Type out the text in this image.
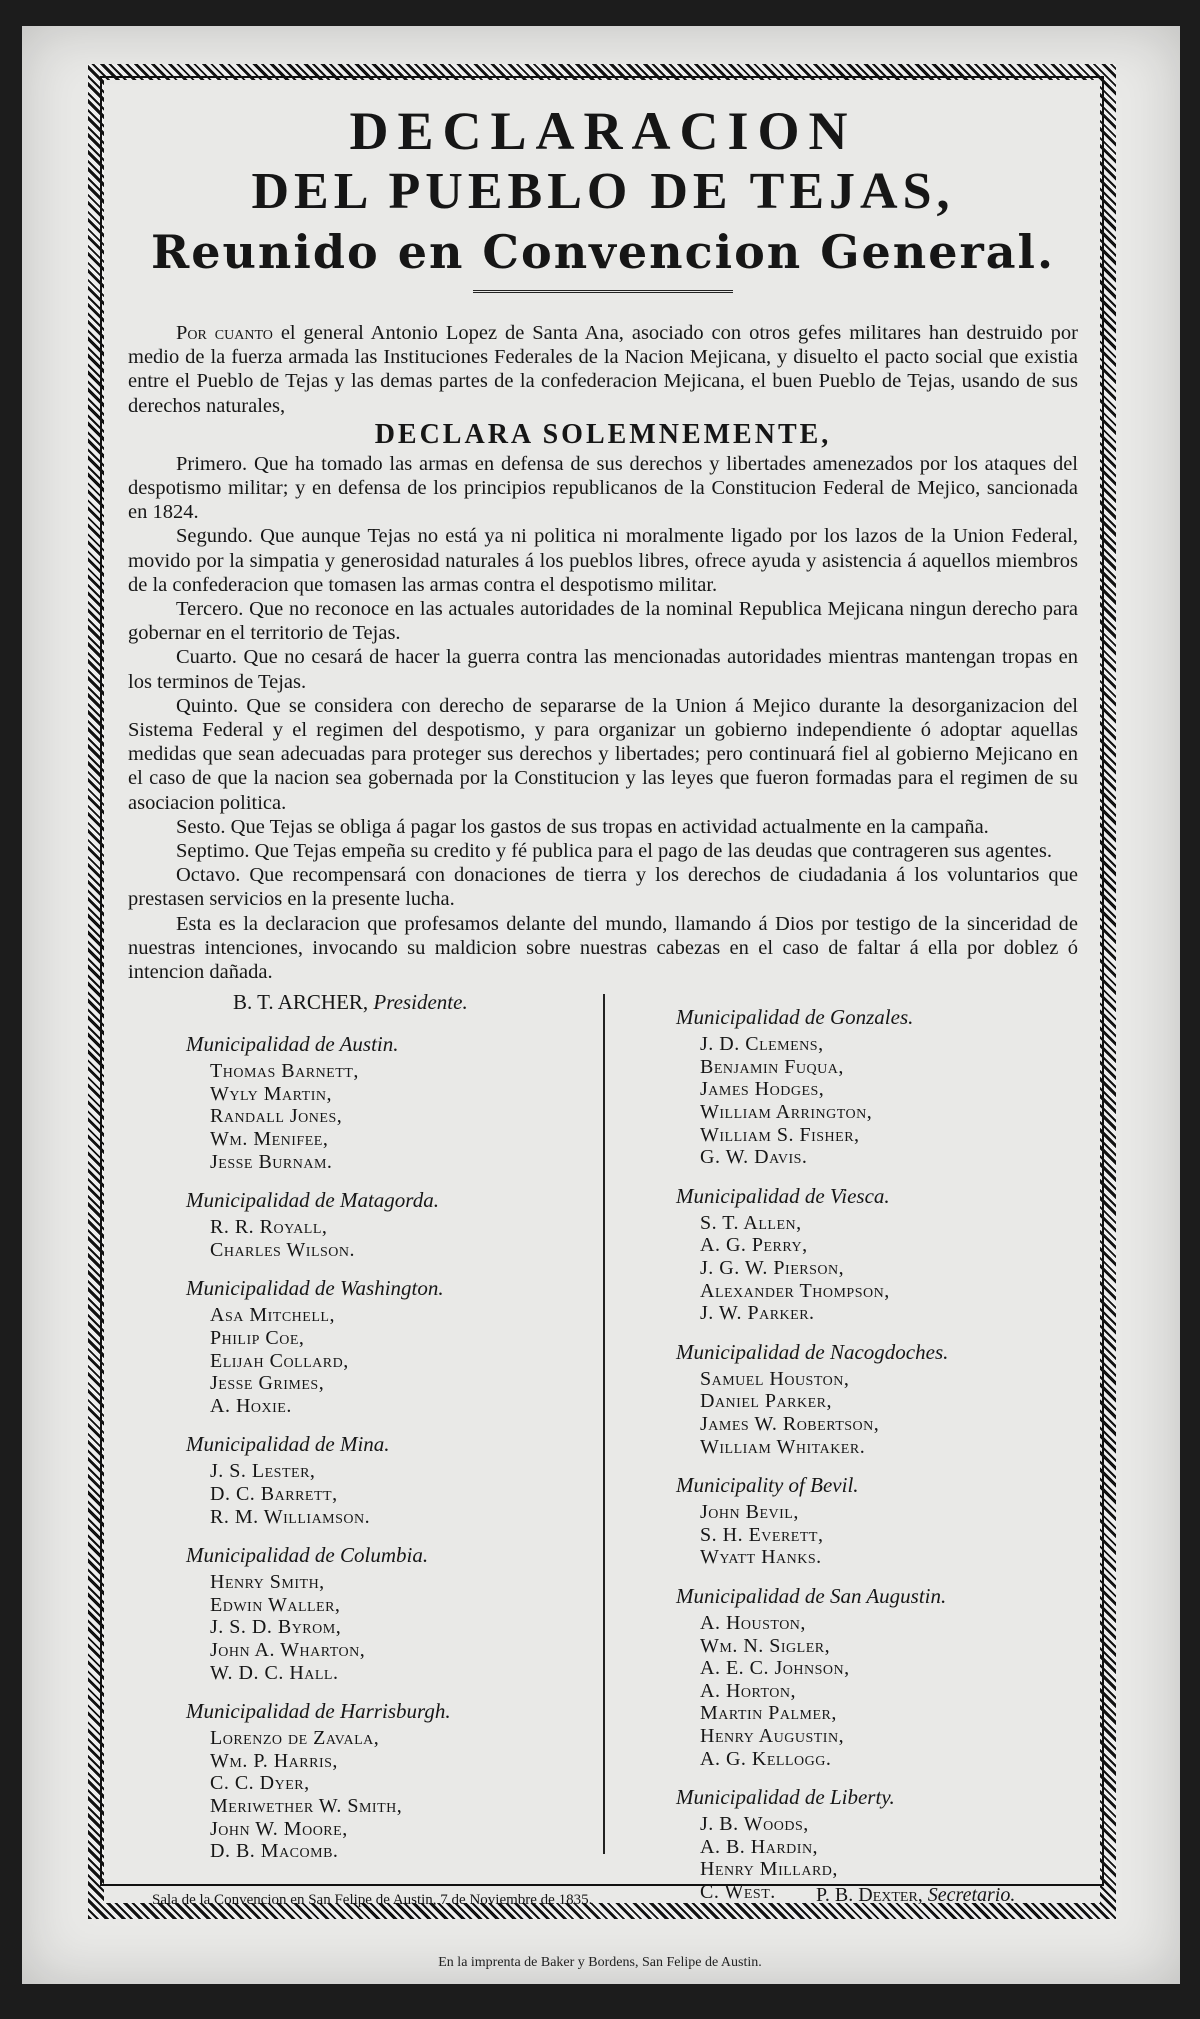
DECLARACION
DEL PUEBLO DE TEJAS,
Reunido en Convencion General.

Por cuanto el general Antonio Lopez de Santa Ana, asociado con otros gefes militares han destruido por medio de la fuerza armada las Instituciones Federales de la Nacion Mejicana, y disuelto el pacto social que existia entre el Pueblo de Tejas y las demas partes de la confederacion Mejicana, el buen Pueblo de Tejas, usando de sus derechos naturales,

DECLARA SOLEMNEMENTE,

Primero. Que ha tomado las armas en defensa de sus derechos y libertades amenezados por los ataques del despotismo militar; y en defensa de los principios republicanos de la Constitucion Federal de Mejico, sancionada en 1824.

Segundo. Que aunque Tejas no está ya ni politica ni moralmente ligado por los lazos de la Union Federal, movido por la simpatia y generosidad naturales á los pueblos libres, ofrece ayuda y asistencia á aquellos miembros de la confederacion que tomasen las armas contra el despotismo militar.

Tercero. Que no reconoce en las actuales autoridades de la nominal Republica Mejicana ningun derecho para gobernar en el territorio de Tejas.

Cuarto. Que no cesará de hacer la guerra contra las mencionadas autoridades mientras mantengan tropas en los terminos de Tejas.

Quinto. Que se considera con derecho de separarse de la Union á Mejico durante la desorganizacion del Sistema Federal y el regimen del despotismo, y para organizar un gobierno independiente ó adoptar aquellas medidas que sean adecuadas para proteger sus derechos y libertades; pero continuará fiel al gobierno Mejicano en el caso de que la nacion sea gobernada por la Constitucion y las leyes que fueron formadas para el regimen de su asociacion politica.

Sesto. Que Tejas se obliga á pagar los gastos de sus tropas en actividad actualmente en la campaña.

Septimo. Que Tejas empeña su credito y fé publica para el pago de las deudas que contrageren sus agentes.

Octavo. Que recompensará con donaciones de tierra y los derechos de ciudadania á los voluntarios que prestasen servicios en la presente lucha.

Esta es la declaracion que profesamos delante del mundo, llamando á Dios por testigo de la sinceridad de nuestras intenciones, invocando su maldicion sobre nuestras cabezas en el caso de faltar á ella por doblez ó intencion dañada.

B. T. ARCHER, Presidente.
Municipalidad de Austin.
Thomas Barnett,
Wyly Martin,
Randall Jones,
Wm. Menifee,
Jesse Burnam.
Municipalidad de Matagorda.
R. R. Royall,
Charles Wilson.
Municipalidad de Washington.
Asa Mitchell,
Philip Coe,
Elijah Collard,
Jesse Grimes,
A. Hoxie.
Municipalidad de Mina.
J. S. Lester,
D. C. Barrett,
R. M. Williamson.
Municipalidad de Columbia.
Henry Smith,
Edwin Waller,
J. S. D. Byrom,
John A. Wharton,
W. D. C. Hall.
Municipalidad de Harrisburgh.
Lorenzo de Zavala,
Wm. P. Harris,
C. C. Dyer,
Meriwether W. Smith,
John W. Moore,
D. B. Macomb.
Municipalidad de Gonzales.
J. D. Clemens,
Benjamin Fuqua,
James Hodges,
William Arrington,
William S. Fisher,
G. W. Davis.
Municipalidad de Viesca.
S. T. Allen,
A. G. Perry,
J. G. W. Pierson,
Alexander Thompson,
J. W. Parker.
Municipalidad de Nacogdoches.
Samuel Houston,
Daniel Parker,
James W. Robertson,
William Whitaker.
Municipality of Bevil.
John Bevil,
S. H. Everett,
Wyatt Hanks.
Municipalidad de San Augustin.
A. Houston,
Wm. N. Sigler,
A. E. C. Johnson,
A. Horton,
Martin Palmer,
Henry Augustin,
A. G. Kellogg.
Municipalidad de Liberty.
J. B. Woods,
A. B. Hardin,
Henry Millard,
C. West.
Sala de la Convencion en San Felipe de Austin, 7 de Noviembre de 1835.	P. B. Dexter, Secretario.
En la imprenta de Baker y Bordens, San Felipe de Austin.
